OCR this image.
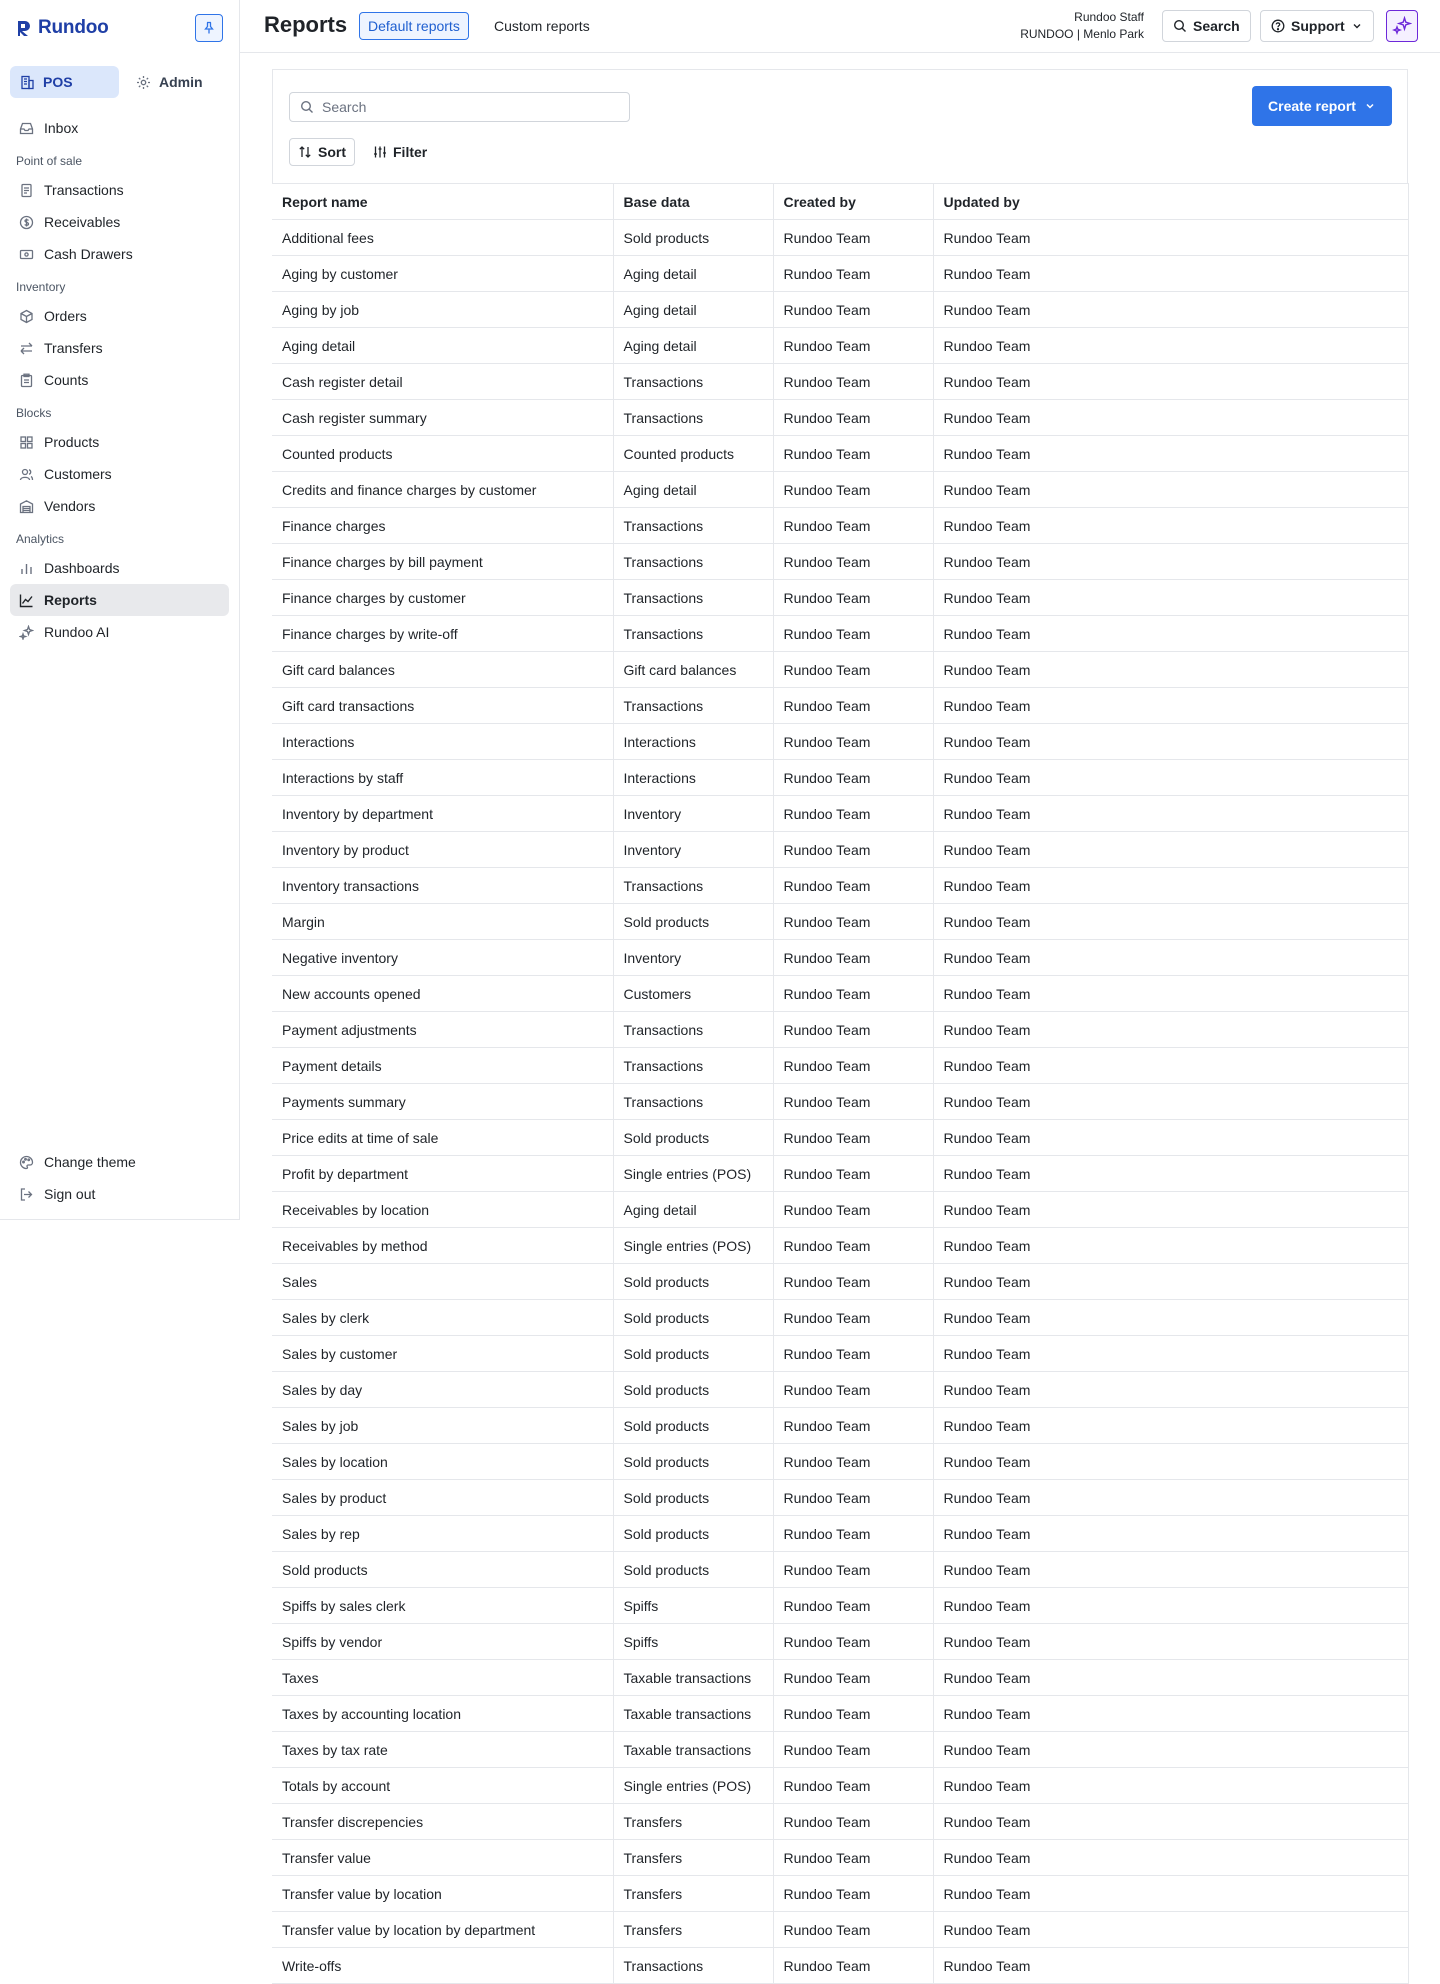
Rundoo
POS	Admin
Inbox
Point of sale
Transactions
Receivables
Cash Drawers
Inventory
Orders
Transfers
Counts
Blocks
Products
Customers
Vendors
Analytics
Dashboards
Reports
Rundoo AI
Change theme
Sign out
Reports	Default reports	Custom reports
Rundoo Staff
RUNDOO | Menlo Park	Search	Support
Search	Create report
Sort	Filter
Report name	Base data	Created by	Updated by
Additional fees	Sold products	Rundoo Team	Rundoo Team
Aging by customer	Aging detail	Rundoo Team	Rundoo Team
Aging by job	Aging detail	Rundoo Team	Rundoo Team
Aging detail	Aging detail	Rundoo Team	Rundoo Team
Cash register detail	Transactions	Rundoo Team	Rundoo Team
Cash register summary	Transactions	Rundoo Team	Rundoo Team
Counted products	Counted products	Rundoo Team	Rundoo Team
Credits and finance charges by customer	Aging detail	Rundoo Team	Rundoo Team
Finance charges	Transactions	Rundoo Team	Rundoo Team
Finance charges by bill payment	Transactions	Rundoo Team	Rundoo Team
Finance charges by customer	Transactions	Rundoo Team	Rundoo Team
Finance charges by write-off	Transactions	Rundoo Team	Rundoo Team
Gift card balances	Gift card balances	Rundoo Team	Rundoo Team
Gift card transactions	Transactions	Rundoo Team	Rundoo Team
Interactions	Interactions	Rundoo Team	Rundoo Team
Interactions by staff	Interactions	Rundoo Team	Rundoo Team
Inventory by department	Inventory	Rundoo Team	Rundoo Team
Inventory by product	Inventory	Rundoo Team	Rundoo Team
Inventory transactions	Transactions	Rundoo Team	Rundoo Team
Margin	Sold products	Rundoo Team	Rundoo Team
Negative inventory	Inventory	Rundoo Team	Rundoo Team
New accounts opened	Customers	Rundoo Team	Rundoo Team
Payment adjustments	Transactions	Rundoo Team	Rundoo Team
Payment details	Transactions	Rundoo Team	Rundoo Team
Payments summary	Transactions	Rundoo Team	Rundoo Team
Price edits at time of sale	Sold products	Rundoo Team	Rundoo Team
Profit by department	Single entries (POS)	Rundoo Team	Rundoo Team
Receivables by location	Aging detail	Rundoo Team	Rundoo Team
Receivables by method	Single entries (POS)	Rundoo Team	Rundoo Team
Sales	Sold products	Rundoo Team	Rundoo Team
Sales by clerk	Sold products	Rundoo Team	Rundoo Team
Sales by customer	Sold products	Rundoo Team	Rundoo Team
Sales by day	Sold products	Rundoo Team	Rundoo Team
Sales by job	Sold products	Rundoo Team	Rundoo Team
Sales by location	Sold products	Rundoo Team	Rundoo Team
Sales by product	Sold products	Rundoo Team	Rundoo Team
Sales by rep	Sold products	Rundoo Team	Rundoo Team
Sold products	Sold products	Rundoo Team	Rundoo Team
Spiffs by sales clerk	Spiffs	Rundoo Team	Rundoo Team
Spiffs by vendor	Spiffs	Rundoo Team	Rundoo Team
Taxes	Taxable transactions	Rundoo Team	Rundoo Team
Taxes by accounting location	Taxable transactions	Rundoo Team	Rundoo Team
Taxes by tax rate	Taxable transactions	Rundoo Team	Rundoo Team
Totals by account	Single entries (POS)	Rundoo Team	Rundoo Team
Transfer discrepencies	Transfers	Rundoo Team	Rundoo Team
Transfer value	Transfers	Rundoo Team	Rundoo Team
Transfer value by location	Transfers	Rundoo Team	Rundoo Team
Transfer value by location by department	Transfers	Rundoo Team	Rundoo Team
Write-offs	Transactions	Rundoo Team	Rundoo Team
